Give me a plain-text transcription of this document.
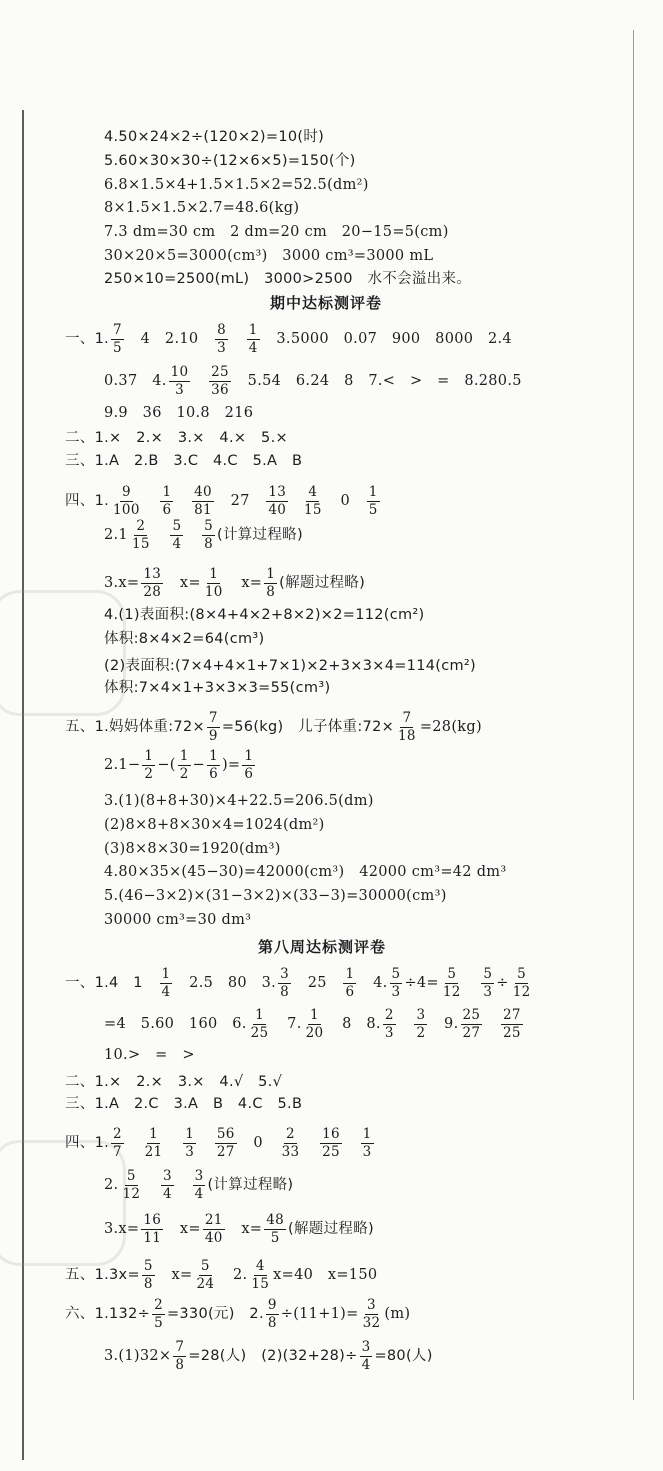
4.50×24×2÷(120×2)=10(时)
5.60×30×30÷(12×6×5)=150(个)
6.8×1.5×4+1.5×1.5×2=52.5(dm²)
8×1.5×1.5×2.7=48.6(kg)
7.3 dm=30 cm   2 dm=20 cm   20−15=5(cm)
30×20×5=3000(cm³)   3000 cm³=3000 mL
250×10=2500(mL)   3000>2500   水不会溢出来。
期中达标测评卷
一、1. $\frac{7}{5} 4$   $2.10 \frac{8}{3}$
$\frac{1}{4} 3.5000$   0.07   900   8000   2.4
0.37   4. $\frac{10}{3}$
$\frac{25}{36} 5.54$   6.24   8   7.<   >   =   8.280.5
9.9   36   10.8   216
二、1.×   2.×   3.×   4.×   5.×
三、1.A   2.B   3.C   4.C   5.A   B
四、1. $\frac{9}{100}$
$\frac{1}{6}$
$\frac{40}{81} 27 \frac{13}{40}$
$\frac{4}{15} 0 \frac{1}{5}$
$2.1 \frac{2}{15}$
$\frac{5}{4}$
$\frac{5}{8}$ (计算过程略)
$3.x= \frac{13}{28} x= \frac{1}{10} x= \frac{1}{8}$ (解题过程略)
4.(1)表面积:(8×4+4×2+8×2)×2=112(cm²)
体积:8×4×2=64(cm³)
(2)表面积:(7×4+4×1+7×1)×2+3×3×4=114(cm²)
体积:7×4×1+3×3×3=55(cm³)
五、1.妈妈体重:72× $\frac{7}{9} =56(kg)$   儿子体重:72× $\frac{7}{18} =28(kg)$
$2.1- \frac{1}{2}$ −( $\frac{1}{2} - \frac{1}{6}$ )= $\frac{1}{6}$
3.(1)(8+8+30)×4+22.5=206.5(dm)
(2)8×8+8×30×4=1024(dm²)
(3)8×8×30=1920(dm³)
4.80×35×(45−30)=42000(cm³)   42000 cm³=42 dm³
5.(46−3×2)×(31−3×2)×(33−3)=30000(cm³)
30000 cm³=30 dm³
第八周达标测评卷
一、1.4   $1 \frac{1}{4} 2.5$   80   3. $\frac{3}{8} 25 \frac{1}{6} 4$. $\frac{5}{3} \div 4= \frac{5}{12}$
$\frac{5}{3} \div \frac{5}{12}$
=4   5.60   160   6. $\frac{1}{25} 7$. $\frac{1}{20} 8$   8. $\frac{2}{3}$
$\frac{3}{2} 9$. $\frac{25}{27}$
$\frac{27}{25}$
10.>   =   >
二、1.×   2.×   3.×   4.√   5.√
三、1.A   2.C   3.A   B   4.C   5.B
四、1. $\frac{2}{7}$
$\frac{1}{21}$
$\frac{1}{3}$
$\frac{56}{27} 0 \frac{2}{33}$
$\frac{16}{25}$
$\frac{1}{3}$
2. $\frac{5}{12}$
$\frac{3}{4}$
$\frac{3}{4}$ (计算过程略)
$3.x= \frac{16}{11} x= \frac{21}{40} x= \frac{48}{5}$ (解题过程略)
五、$1.3x= \frac{5}{8} x= \frac{5}{24} 2$. $\frac{4}{15} x=40$   x=150
六、$1.132\div \frac{2}{5} =330$(元)   2. $\frac{9}{8} \div(11+1)= \frac{3}{32} (m)$
$3.(1)32\times \frac{7}{8} =28$(人)   $(2)(32+28)\div \frac{3}{4} =80$(人)
